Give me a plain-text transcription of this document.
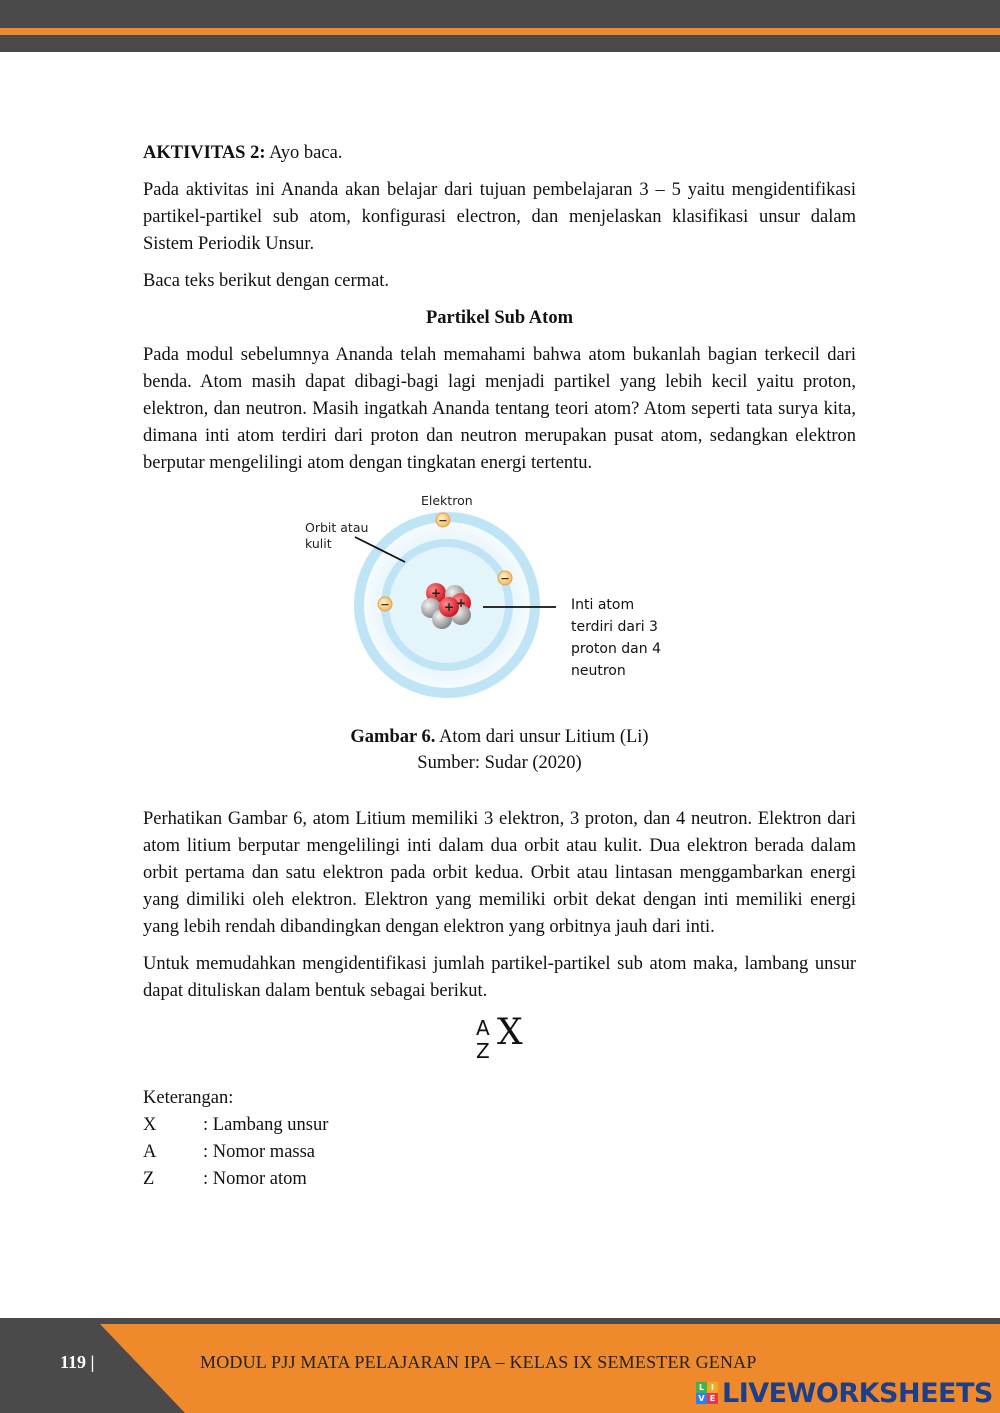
AKTIVITAS 2: Ayo baca.

Pada aktivitas ini Ananda akan belajar dari tujuan pembelajaran 3 – 5 yaitu mengidentifikasi partikel-partikel sub atom, konfigurasi electron, dan menjelaskan klasifikasi unsur dalam Sistem Periodik Unsur.

Baca teks berikut dengan cermat.

Partikel Sub Atom

Pada modul sebelumnya Ananda telah memahami bahwa atom bukanlah bagian terkecil dari benda. Atom masih dapat dibagi-bagi lagi menjadi partikel yang lebih kecil yaitu proton, elektron, dan neutron. Masih ingatkah Ananda tentang teori atom? Atom seperti tata surya kita, dimana inti atom terdiri dari proton dan neutron merupakan pusat atom, sedangkan elektron berputar mengelilingi atom dengan tingkatan energi tertentu.

+
+
+
−
−
−
Elektron
Orbit atau
kulit
Inti atom
terdiri dari 3
proton dan 4
neutron
Gambar 6. Atom dari unsur Litium (Li)
Sumber: Sudar (2020)

Perhatikan Gambar 6, atom Litium memiliki 3 elektron, 3 proton, dan 4 neutron. Elektron dari atom litium berputar mengelilingi inti dalam dua orbit atau kulit. Dua elektron berada dalam orbit pertama dan satu elektron pada orbit kedua. Orbit atau lintasan menggambarkan energi yang dimiliki oleh elektron. Elektron yang memiliki orbit dekat dengan inti memiliki energi yang lebih rendah dibandingkan dengan elektron yang orbitnya jauh dari inti.

Untuk memudahkan mengidentifikasi jumlah partikel-partikel sub atom maka, lambang unsur dapat dituliskan dalam bentuk sebagai berikut.

A
Z X
Keterangan:
X	: Lambang unsur
A	: Nomor massa
Z	: Nomor atom
119 |	MODUL PJJ MATA PELAJARAN IPA – KELAS IX SEMESTER GENAP
L I
V E LIVEWORKSHEETS
